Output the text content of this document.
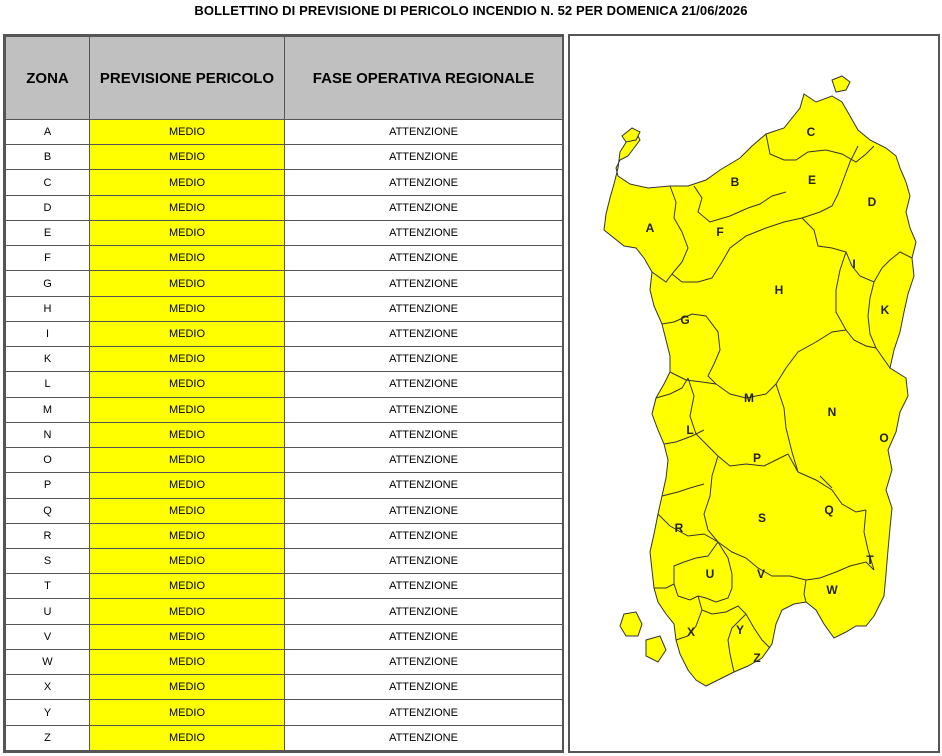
BOLLETTINO DI PREVISIONE DI PERICOLO INCENDIO N. 52 PER DOMENICA 21/06/2026
ZONA	PREVISIONE PERICOLO	FASE OPERATIVA REGIONALE
A	MEDIO	ATTENZIONE
B	MEDIO	ATTENZIONE
C	MEDIO	ATTENZIONE
D	MEDIO	ATTENZIONE
E	MEDIO	ATTENZIONE
F	MEDIO	ATTENZIONE
G	MEDIO	ATTENZIONE
H	MEDIO	ATTENZIONE
I	MEDIO	ATTENZIONE
K	MEDIO	ATTENZIONE
L	MEDIO	ATTENZIONE
M	MEDIO	ATTENZIONE
N	MEDIO	ATTENZIONE
O	MEDIO	ATTENZIONE
P	MEDIO	ATTENZIONE
Q	MEDIO	ATTENZIONE
R	MEDIO	ATTENZIONE
S	MEDIO	ATTENZIONE
T	MEDIO	ATTENZIONE
U	MEDIO	ATTENZIONE
V	MEDIO	ATTENZIONE
W	MEDIO	ATTENZIONE
X	MEDIO	ATTENZIONE
Y	MEDIO	ATTENZIONE
Z	MEDIO	ATTENZIONE
A
B
C
D
E
F
G
H
I
K
L
M
N
O
P
Q
R
S
T
U	V
W
X	Y
Z
